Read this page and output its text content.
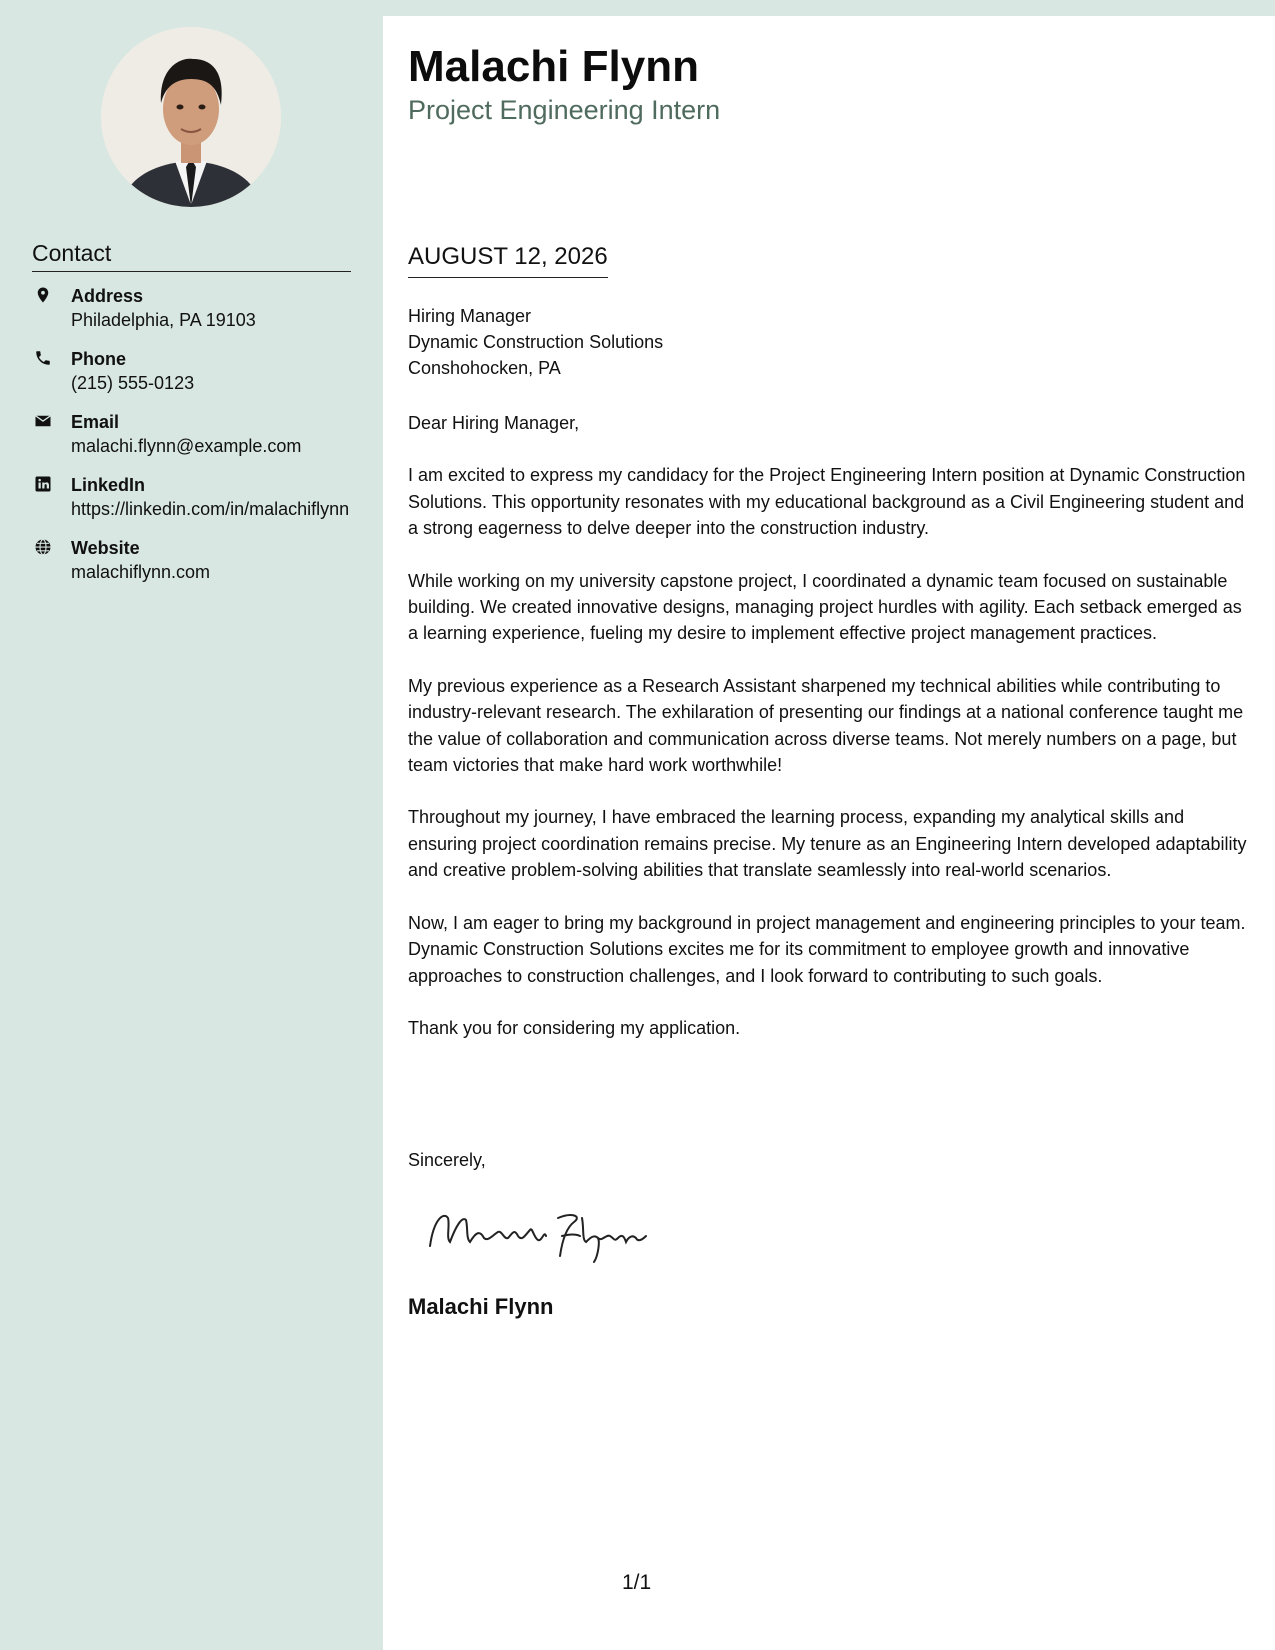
Contact
Address
Philadelphia, PA 19103
Phone
(215) 555-0123
Email
malachi.flynn@example.com
LinkedIn
https://linkedin.com/in/malachiflynn
Website
malachiflynn.com
Malachi Flynn
Project Engineering Intern
AUGUST 12, 2026
Hiring Manager
Dynamic Construction Solutions
Conshohocken, PA

Dear Hiring Manager,

I am excited to express my candidacy for the Project Engineering Intern position at Dynamic Construction Solutions. This opportunity resonates with my educational background as a Civil Engineering student and a strong eagerness to delve deeper into the construction industry.

While working on my university capstone project, I coordinated a dynamic team focused on sustainable building. We created innovative designs, managing project hurdles with agility. Each setback emerged as a learning experience, fueling my desire to implement effective project management practices.

My previous experience as a Research Assistant sharpened my technical abilities while contributing to industry-relevant research. The exhilaration of presenting our findings at a national conference taught me the value of collaboration and communication across diverse teams. Not merely numbers on a page, but team victories that make hard work worthwhile!

Throughout my journey, I have embraced the learning process, expanding my analytical skills and ensuring project coordination remains precise. My tenure as an Engineering Intern developed adaptability and creative problem-solving abilities that translate seamlessly into real-world scenarios.

Now, I am eager to bring my background in project management and engineering principles to your team. Dynamic Construction Solutions excites me for its commitment to employee growth and innovative approaches to construction challenges, and I look forward to contributing to such goals.

Thank you for considering my application.

Sincerely,
Malachi Flynn
1/1
